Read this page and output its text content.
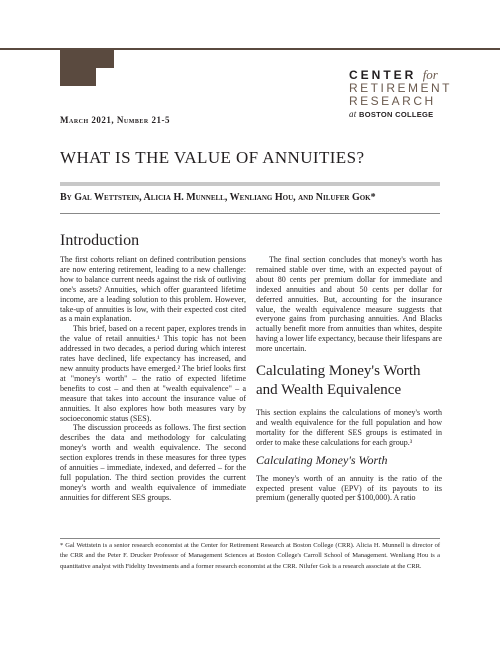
CENTER for
RETIREMENT
RESEARCH
at BOSTON COLLEGE
March 2021, Number 21-5
WHAT IS THE VALUE OF ANNUITIES?
By Gal Wettstein, Alicia H. Munnell, Wenliang Hou, and Nilufer Gok*
Introduction

The first cohorts reliant on defined contribution pensions are now entering retirement, leading to a new challenge: how to balance current needs against the risk of outliving one's assets? Annuities, which offer guaranteed lifetime income, are a leading solution to this problem. However, take-up of annuities is low, with their expected cost cited as a main explanation.

This brief, based on a recent paper, explores trends in the value of retail annuities.¹ This topic has not been addressed in two decades, a period during which interest rates have declined, life expectancy has increased, and new annuity products have emerged.² The brief looks first at "money's worth" – the ratio of expected lifetime benefits to cost – and then at "wealth equivalence" – a measure that takes into account the insurance value of annuities. It also explores how both measures vary by socioeconomic status (SES).

The discussion proceeds as follows. The first section describes the data and methodology for calculating money's worth and wealth equivalence. The second section explores trends in these measures for three types of annuities – immediate, indexed, and deferred – for the full population. The third section provides the current money's worth and wealth equivalence of immediate annuities for different SES groups.

The final section concludes that money's worth has remained stable over time, with an expected payout of about 80 cents per premium dollar for immediate and indexed annuities and about 50 cents per dollar for deferred annuities. But, accounting for the insurance value, the wealth equivalence measure suggests that everyone gains from purchasing annuities. And Blacks actually benefit more from annuities than whites, despite having a lower life expectancy, because their lifespans are more uncertain.

Calculating Money's Worth and Wealth Equivalence

This section explains the calculations of money's worth and wealth equivalence for the full population and how mortality for the different SES groups is estimated in order to make these calculations for each group.³

Calculating Money's Worth

The money's worth of an annuity is the ratio of the expected present value (EPV) of its payouts to its premium (generally quoted per $100,000). A ratio

* Gal Wettstein is a senior research economist at the Center for Retirement Research at Boston College (CRR). Alicia H. Munnell is director of the CRR and the Peter F. Drucker Professor of Management Sciences at Boston College's Carroll School of Management. Wenliang Hou is a quantitative analyst with Fidelity Investments and a former research economist at the CRR. Nilufer Gok is a research associate at the CRR.
